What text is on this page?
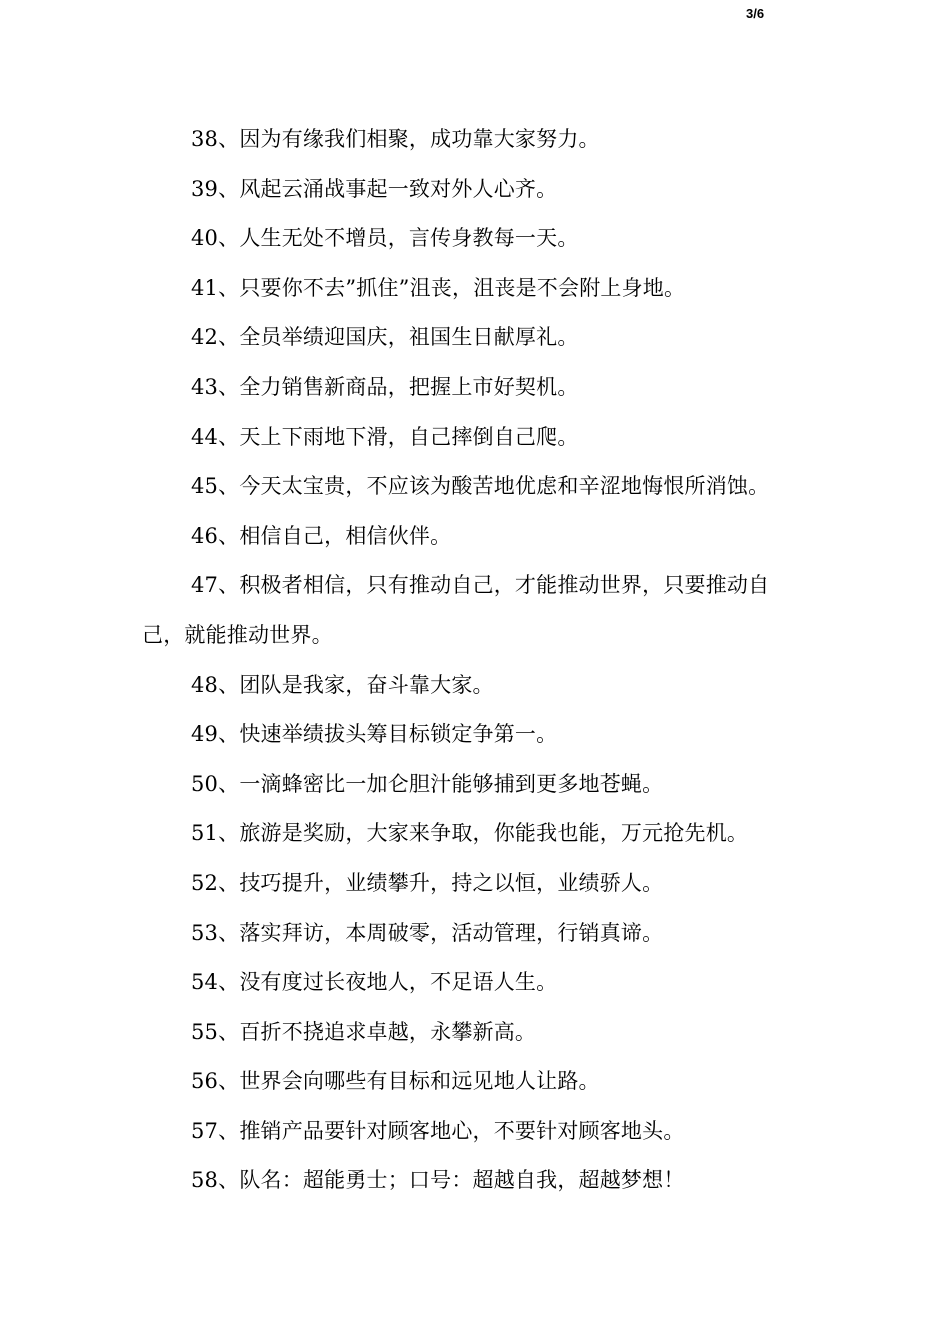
3/6

38、因为有缘我们相聚，成功靠大家努力。

39、风起云涌战事起一致对外人心齐。

40、人生无处不增员，言传身教每一天。

41、只要你不去”抓住”沮丧，沮丧是不会附上身地。

42、全员举绩迎国庆，祖国生日献厚礼。

43、全力销售新商品，把握上市好契机。

44、天上下雨地下滑，自己摔倒自己爬。

45、今天太宝贵，不应该为酸苦地优虑和辛涩地悔恨所消蚀。

46、相信自己，相信伙伴。

47、积极者相信，只有推动自己，才能推动世界，只要推动自己，就能推动世界。

48、团队是我家，奋斗靠大家。

49、快速举绩拔头筹目标锁定争第一。

50、一滴蜂密比一加仑胆汁能够捕到更多地苍蝇。

51、旅游是奖励，大家来争取，你能我也能，万元抢先机。

52、技巧提升，业绩攀升，持之以恒，业绩骄人。

53、落实拜访，本周破零，活动管理，行销真谛。

54、没有度过长夜地人，不足语人生。

55、百折不挠追求卓越，永攀新高。

56、世界会向哪些有目标和远见地人让路。

57、推销产品要针对顾客地心，不要针对顾客地头。

58、队名：超能勇士；口号：超越自我，超越梦想！
